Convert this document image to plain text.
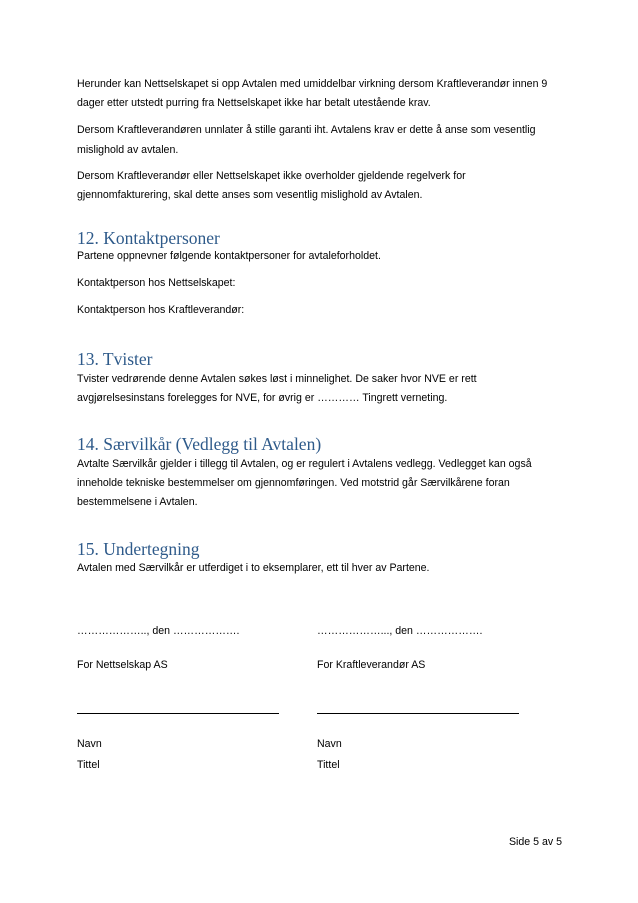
Herunder kan Nettselskapet si opp Avtalen med umiddelbar virkning dersom Kraftleverandør innen 9
dager etter utstedt purring fra Nettselskapet ikke har betalt utestående krav.
Dersom Kraftleverandøren unnlater å stille garanti iht. Avtalens krav er dette å anse som vesentlig
mislighold av avtalen.
Dersom Kraftleverandør eller Nettselskapet ikke overholder gjeldende regelverk for
gjennomfakturering, skal dette anses som vesentlig mislighold av Avtalen.
12. Kontaktpersoner
Partene oppnevner følgende kontaktpersoner for avtaleforholdet.
Kontaktperson hos Nettselskapet:
Kontaktperson hos Kraftleverandør:
13. Tvister
Tvister vedrørende denne Avtalen søkes løst i minnelighet. De saker hvor NVE er rett
avgjørelsesinstans forelegges for NVE, for øvrig er ………… Tingrett verneting.
14. Særvilkår (Vedlegg til Avtalen)
Avtalte Særvilkår gjelder i tillegg til Avtalen, og er regulert i Avtalens vedlegg. Vedlegget kan også
inneholde tekniske bestemmelser om gjennomføringen. Ved motstrid går Særvilkårene foran
bestemmelsene i Avtalen.
15. Undertegning
Avtalen med Særvilkår er utferdiget i to eksemplarer, ett til hver av Partene.
……………….., den ……………….	………………..., den ……………….
For Nettselskap AS	For Kraftleverandør AS
Navn	Navn
Tittel	Tittel
Side 5 av 5
